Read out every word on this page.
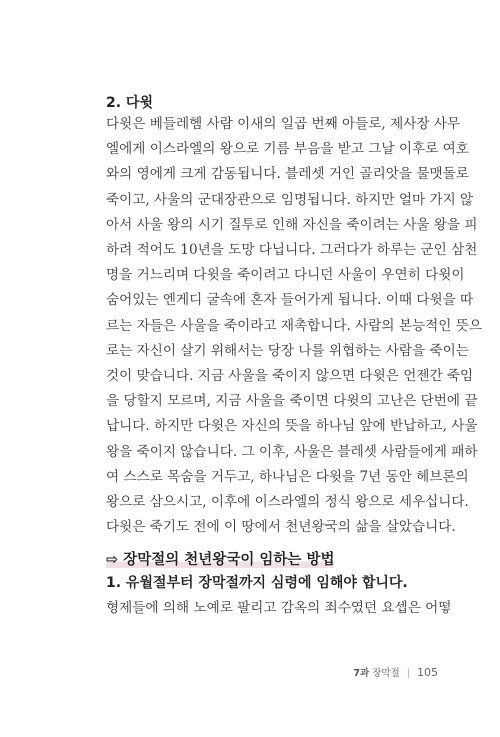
2. 다윗
다윗은 베들레헴 사람 이새의 일곱 번째 아들로, 제사장 사무
엘에게 이스라엘의 왕으로 기름 부음을 받고 그날 이후로 여호
와의 영에게 크게 감동됩니다. 블레셋 거인 골리앗을 물맷돌로
죽이고, 사울의 군대장관으로 임명됩니다. 하지만 얼마 가지 않
아서 사울 왕의 시기 질투로 인해 자신을 죽이려는 사울 왕을 피
하려 적어도 10년을 도망 다닙니다. 그러다가 하루는 군인 삼천
명을 거느리며 다윗을 죽이려고 다니던 사울이 우연히 다윗이
숨어있는 엔게디 굴속에 혼자 들어가게 됩니다. 이때 다윗을 따
르는 자들은 사울을 죽이라고 재촉합니다. 사람의 본능적인 뜻으
로는 자신이 살기 위해서는 당장 나를 위협하는 사람을 죽이는
것이 맞습니다. 지금 사울을 죽이지 않으면 다윗은 언젠간 죽임
을 당할지 모르며, 지금 사울을 죽이면 다윗의 고난은 단번에 끝
납니다. 하지만 다윗은 자신의 뜻을 하나님 앞에 반납하고, 사울
왕을 죽이지 않습니다. 그 이후, 사울은 블레셋 사람들에게 패하
여 스스로 목숨을 거두고, 하나님은 다윗을 7년 동안 헤브론의
왕으로 삼으시고, 이후에 이스라엘의 정식 왕으로 세우십니다.
다윗은 죽기도 전에 이 땅에서 천년왕국의 삶을 살았습니다.
⇨ 장막절의 천년왕국이 임하는 방법
1. 유월절부터 장막절까지 심령에 임해야 합니다.
형제들에 의해 노예로 팔리고 감옥의 죄수였던 요셉은 어떻
7과 장막절 | 105
